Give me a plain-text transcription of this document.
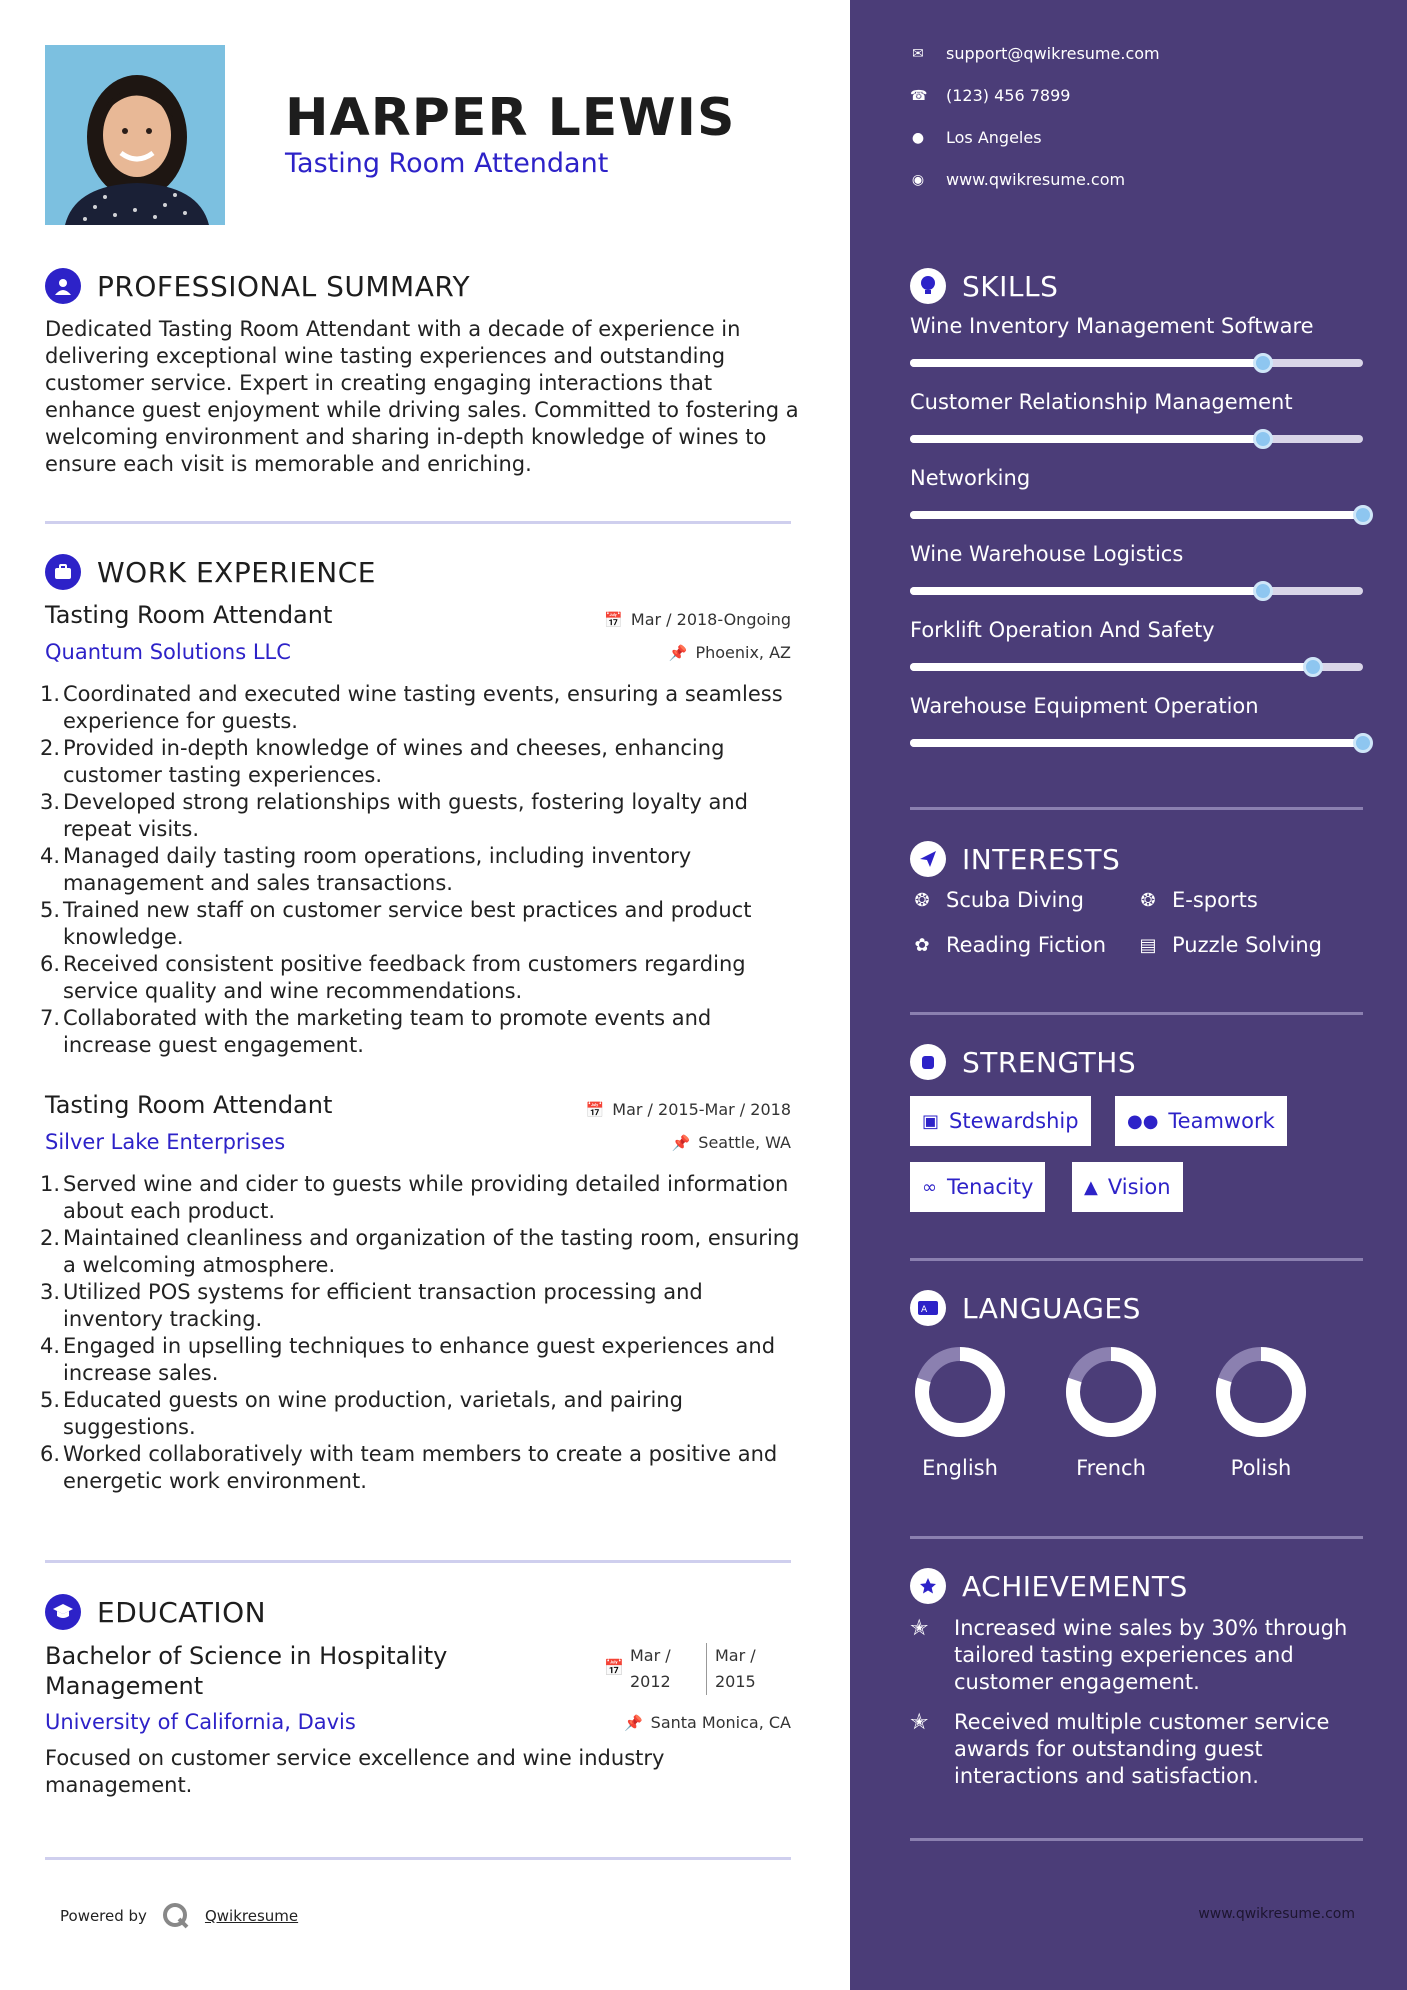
HARPER LEWIS
Tasting Room Attendant
PROFESSIONAL SUMMARY
Dedicated Tasting Room Attendant with a decade of experience in delivering exceptional wine tasting experiences and outstanding customer service. Expert in creating engaging interactions that enhance guest enjoyment while driving sales. Committed to fostering a welcoming environment and sharing in-depth knowledge of wines to ensure each visit is memorable and enriching.
WORK EXPERIENCE
Tasting Room Attendant	📅 Mar / 2018-Ongoing
Quantum Solutions LLC	📌 Phoenix, AZ
1. Coordinated and executed wine tasting events, ensuring a seamless experience for guests.
2. Provided in-depth knowledge of wines and cheeses, enhancing customer tasting experiences.
3. Developed strong relationships with guests, fostering loyalty and repeat visits.
4. Managed daily tasting room operations, including inventory management and sales transactions.
5. Trained new staff on customer service best practices and product knowledge.
6. Received consistent positive feedback from customers regarding service quality and wine recommendations.
7. Collaborated with the marketing team to promote events and increase guest engagement.
Tasting Room Attendant	📅 Mar / 2015-Mar / 2018
Silver Lake Enterprises	📌 Seattle, WA
1. Served wine and cider to guests while providing detailed information about each product.
2. Maintained cleanliness and organization of the tasting room, ensuring a welcoming atmosphere.
3. Utilized POS systems for efficient transaction processing and inventory tracking.
4. Engaged in upselling techniques to enhance guest experiences and increase sales.
5. Educated guests on wine production, varietals, and pairing suggestions.
6. Worked collaboratively with team members to create a positive and energetic work environment.
EDUCATION
Bachelor of Science in Hospitality
Management
📅
Mar /
2012
Mar /
2015
University of California, Davis	📌 Santa Monica, CA
Focused on customer service excellence and wine industry management.
Powered by	Qwikresume
✉ support@qwikresume.com
☎ (123) 456 7899
● Los Angeles
◉ www.qwikresume.com
SKILLS
Wine Inventory Management Software
Customer Relationship Management
Networking
Wine Warehouse Logistics
Forklift Operation And Safety
Warehouse Equipment Operation
INTERESTS
❂ Scuba Diving	❂ E-sports
✿ Reading Fiction ▤ Puzzle Solving
STRENGTHS
▣ Stewardship	●● Teamwork
∞ Tenacity	▲ Vision
A LANGUAGES
English	French	Polish
ACHIEVEMENTS
✭	Increased wine sales by 30% through tailored tasting experiences and customer engagement.
✭	Received multiple customer service awards for outstanding guest interactions and satisfaction.
www.qwikresume.com
